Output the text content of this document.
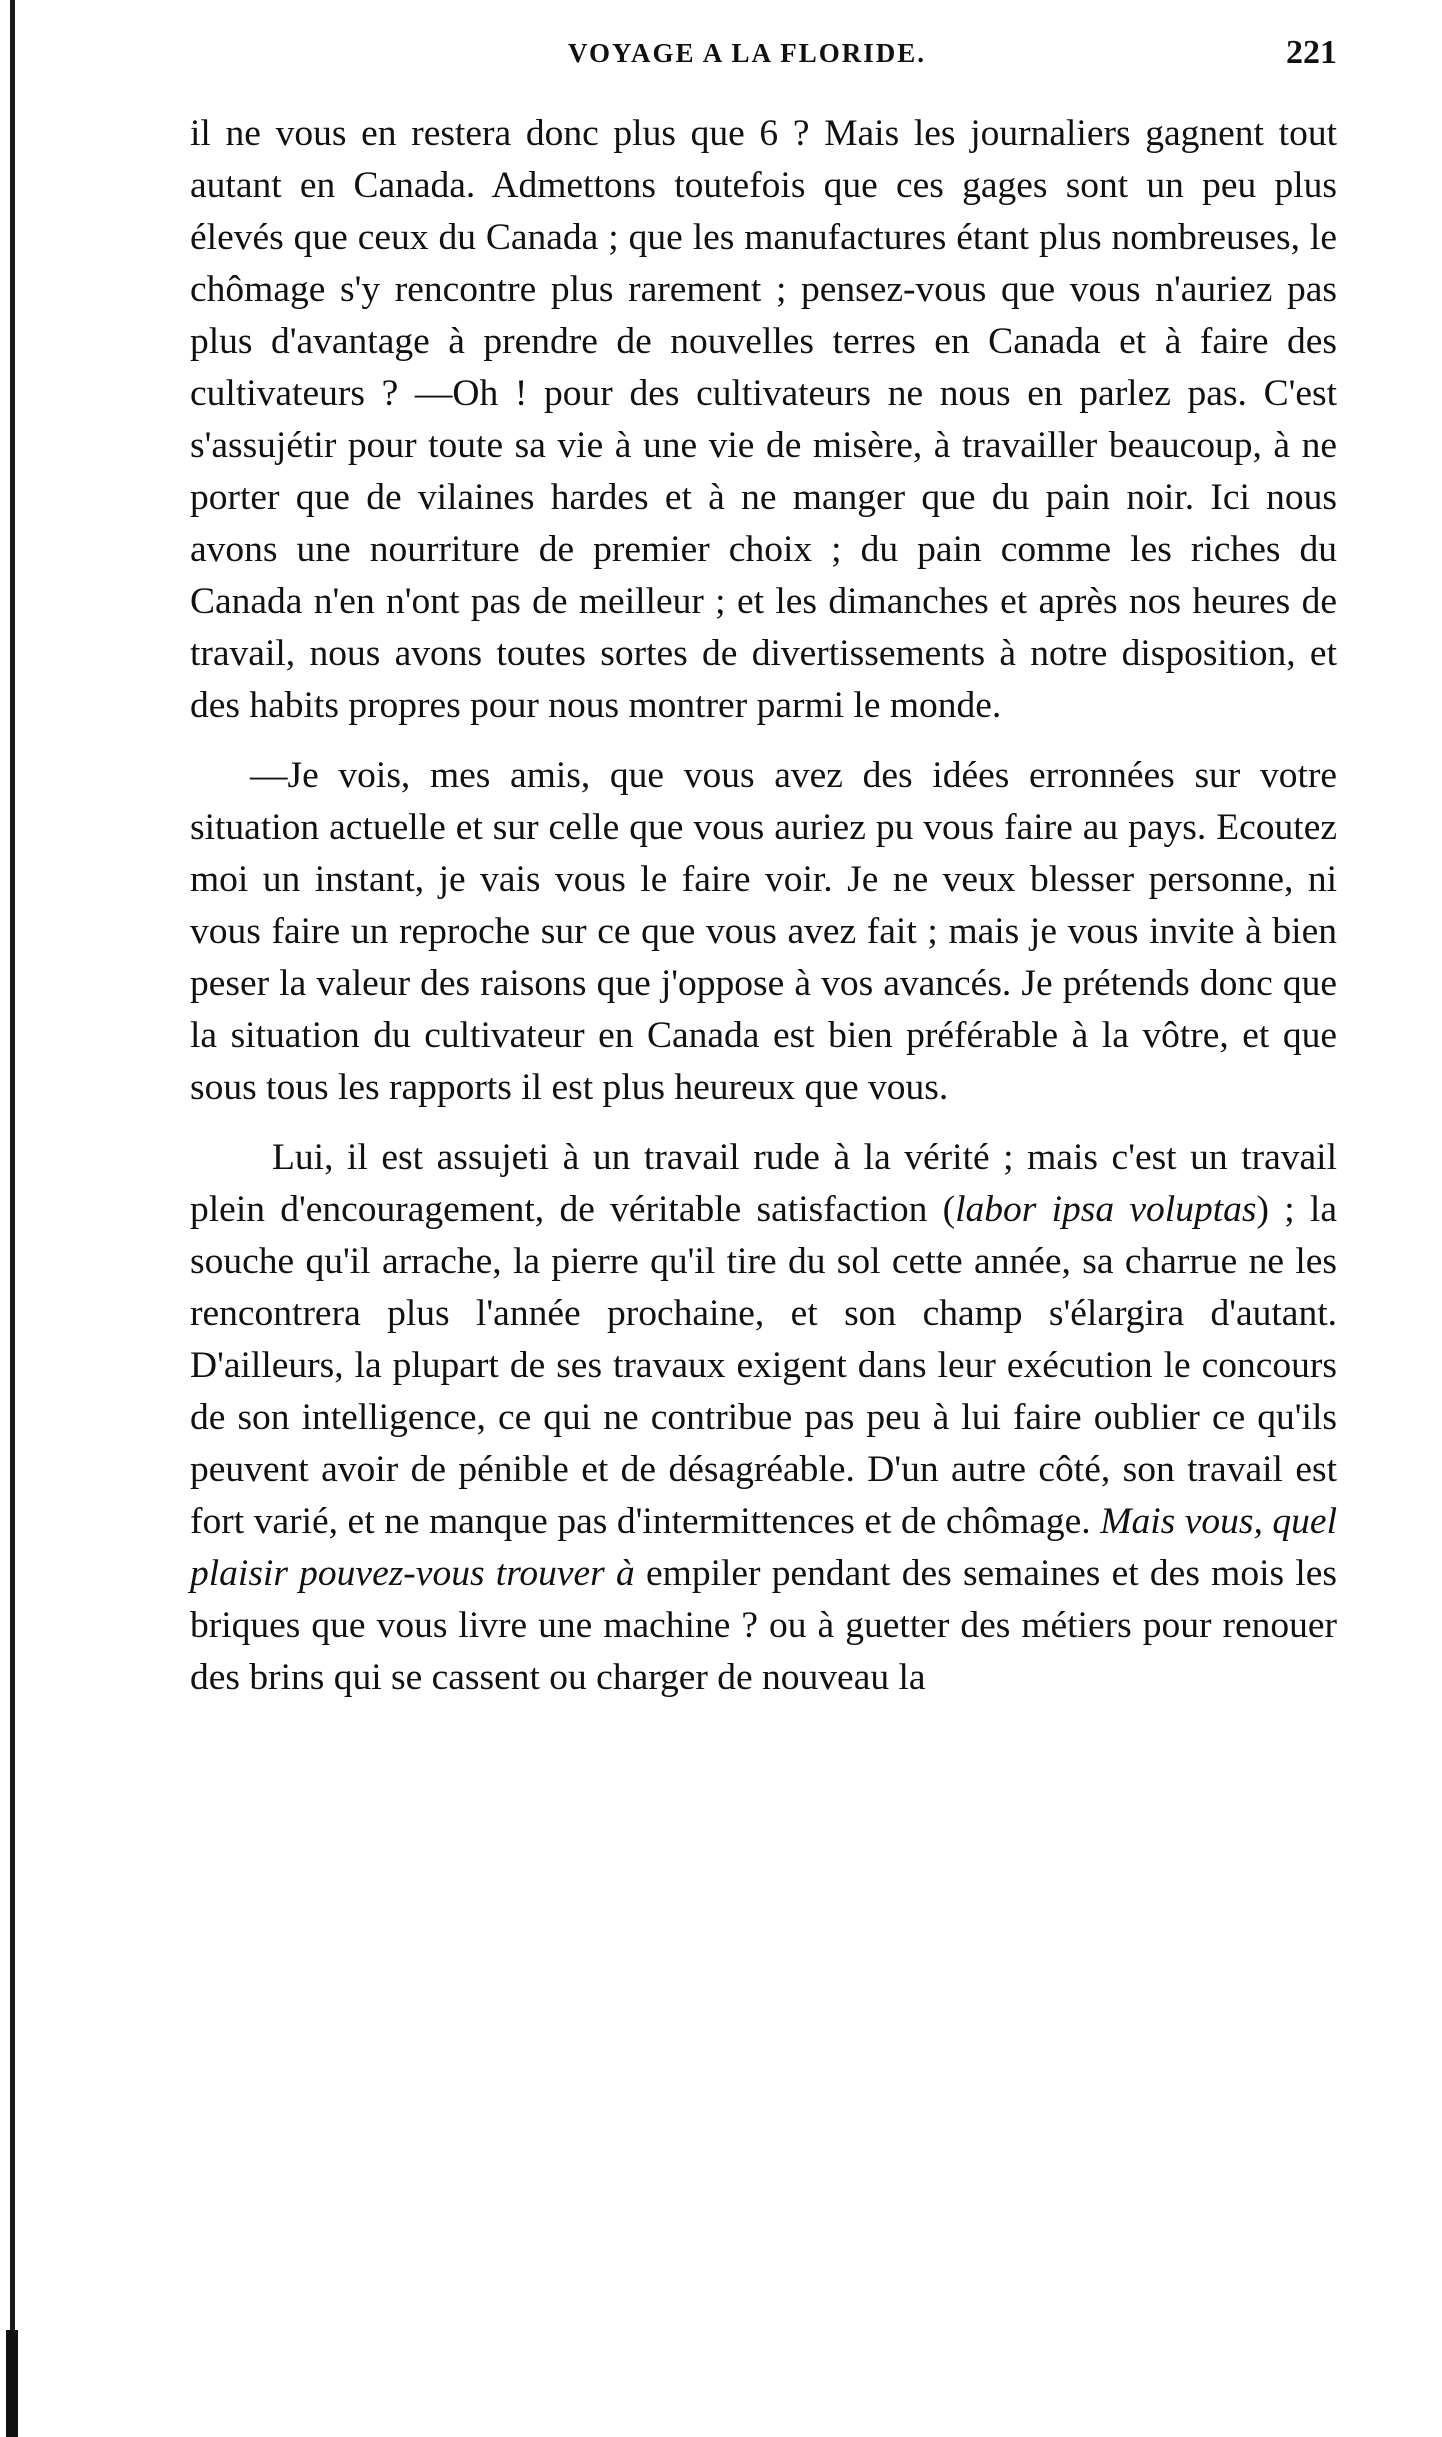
VOYAGE A LA FLORIDE.	221

il ne vous en restera donc plus que 6 ? Mais les journaliers gagnent tout autant en Canada. Admettons toutefois que ces gages sont un peu plus élevés que ceux du Canada ; que les manufactures étant plus nombreuses, le chômage s'y rencontre plus rarement ; pensez-vous que vous n'auriez pas plus d'avantage à prendre de nouvelles terres en Canada et à faire des cultivateurs ? —Oh ! pour des cultivateurs ne nous en parlez pas. C'est s'assujétir pour toute sa vie à une vie de misère, à travailler beaucoup, à ne porter que de vilaines hardes et à ne manger que du pain noir. Ici nous avons une nourriture de premier choix ; du pain comme les riches du Canada n'en n'ont pas de meilleur ; et les dimanches et après nos heures de travail, nous avons toutes sortes de divertissements à notre disposition, et des habits propres pour nous montrer parmi le monde.

—Je vois, mes amis, que vous avez des idées erronnées sur votre situation actuelle et sur celle que vous auriez pu vous faire au pays. Ecoutez moi un instant, je vais vous le faire voir. Je ne veux blesser personne, ni vous faire un reproche sur ce que vous avez fait ; mais je vous invite à bien peser la valeur des raisons que j'oppose à vos avancés. Je prétends donc que la situation du cultivateur en Canada est bien préférable à la vôtre, et que sous tous les rapports il est plus heureux que vous.

Lui, il est assujeti à un travail rude à la vérité ; mais c'est un travail plein d'encouragement, de véritable satisfaction (labor ipsa voluptas) ; la souche qu'il arrache, la pierre qu'il tire du sol cette année, sa charrue ne les rencontrera plus l'année prochaine, et son champ s'élargira d'autant. D'ailleurs, la plupart de ses travaux exigent dans leur exécution le concours de son intelligence, ce qui ne contribue pas peu à lui faire oublier ce qu'ils peuvent avoir de pénible et de désagréable. D'un autre côté, son travail est fort varié, et ne manque pas d'intermittences et de chômage. Mais vous, quel plaisir pouvez-vous trouver à empiler pendant des semaines et des mois les briques que vous livre une machine ? ou à guetter des métiers pour renouer des brins qui se cassent ou charger de nouveau la
